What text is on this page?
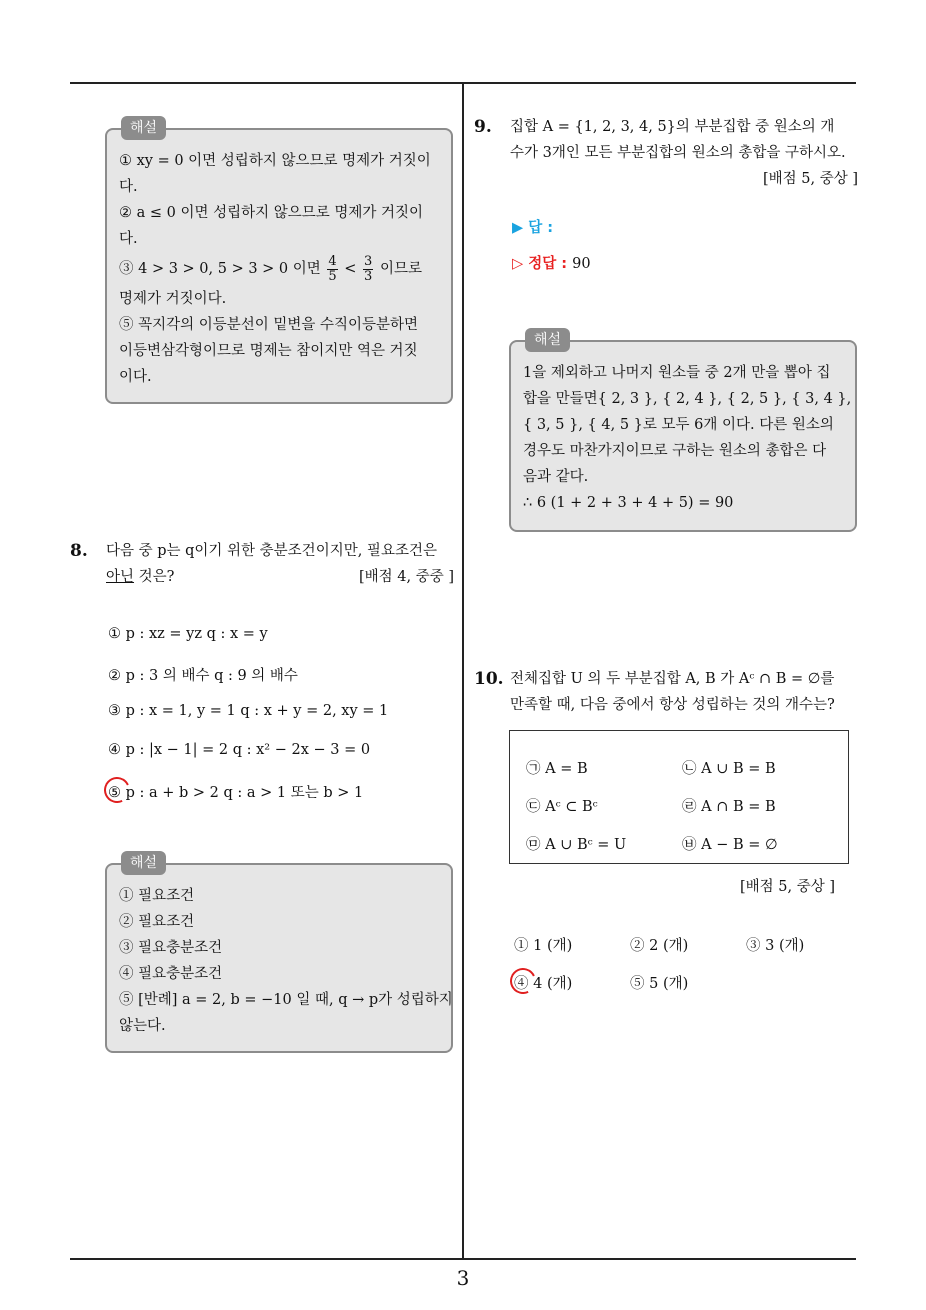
3
해설
① xy = 0 이면 성립하지 않으므로 명제가 거짓이
다.
② a ≤ 0 이면 성립하지 않으므로 명제가 거짓이
다.
③ 4 > 3 > 0, 5 > 3 > 0 이면 $\frac{4}{5} < \frac{3}{3}$ 이므로
명제가 거짓이다.
⑤ 꼭지각의 이등분선이 밑변을 수직이등분하면
이등변삼각형이므로 명제는 참이지만 역은 거짓
이다.
8. 다음 중 p는 q이기 위한 충분조건이지만, 필요조건은
아닌 것은?	[배점 4, 중중 ]
① p : xz = yz q : x = y
② p : 3 의 배수 q : 9 의 배수
③ p : x = 1, y = 1 q : x + y = 2, xy = 1
④ p : |x − 1| = 2 q : x² − 2x − 3 = 0
⑤ p : a + b > 2 q : a > 1 또는 b > 1
해설
① 필요조건
② 필요조건
③ 필요충분조건
④ 필요충분조건
⑤ [반례] a = 2, b = −10 일 때, q → p가 성립하지
않는다.
9. 집합 A = {1, 2, 3, 4, 5}의 부분집합 중 원소의 개
수가 3개인 모든 부분집합의 원소의 총합을 구하시오.
[배점 5, 중상 ]
▶ 답 :
▷ 정답 : 90
해설
1을 제외하고 나머지 원소들 중 2개 만을 뽑아 집
합을 만들면{ 2, 3 }, { 2, 4 }, { 2, 5 }, { 3, 4 },
{ 3, 5 }, { 4, 5 }로 모두 6개 이다. 다른 원소의
경우도 마찬가지이므로 구하는 원소의 총합은 다
음과 같다.
∴ 6 (1 + 2 + 3 + 4 + 5) = 90
10. 전체집합 U 의 두 부분집합 A, B 가 Aᶜ ∩ B = ∅를
만족할 때, 다음 중에서 항상 성립하는 것의 개수는?
㉠ A = B	㉡ A ∪ B = B
㉢ Aᶜ ⊂ Bᶜ	㉣ A ∩ B = B
㉤ A ∪ Bᶜ = U	㉥ A − B = ∅
[배점 5, 중상 ]
① 1 (개)	② 2 (개)	③ 3 (개)
④ 4 (개)	⑤ 5 (개)
